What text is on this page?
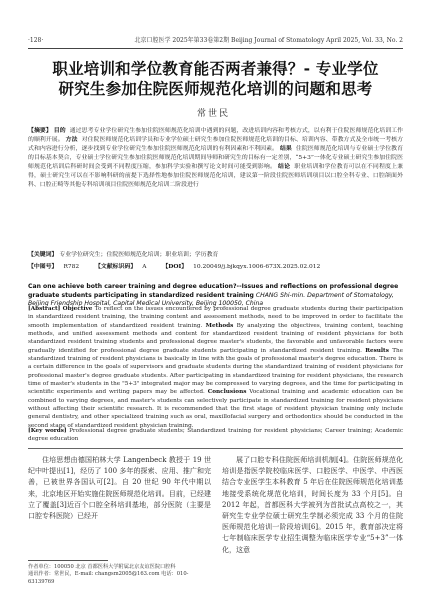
·128·	北京口腔医学 2025年第33卷第2期 Beijing Journal of Stomatology April 2025, Vol. 33, No. 2
职业培训和学位教育能否两者兼得？- 专业学位
研究生参加住院医师规范化培训的问题和思考
常世民

【摘要】 目的 通过思考专业学位研究生参加住院医师规范化培训中遇到的问题，改进培训内容和考核方式，以有利于住院医师规范化培训工作的顺利开展。 方法 对住院医师规范化培训学员和专业学位硕士研究生参加住院医师规范化培训的目标、培训内容、带教方式及全市统一考核方式和内容进行分析，逐步找到专业学位研究生参加住院医师规范化培训的有利因素和不利因素。 结果 住院医师规范化培训与专业硕士学位教育的目标基本契合，专业硕士学位研究生参加住院医师规范化培训期间导师和研究生的目标有一定差别，“5+3”一体化专业硕士研究生参加住院医师规范化培训后科研时间会受到不同程度压缩，参加科学实验和撰写论文时间可能受到影响。 结论 职业培训和学位教育可以在不同程度上兼得，硕士研究生可以在不影响科研的前提下选择性地参加住院医师规范化培训，建议第一阶段住院医师培训项目以口腔全科专业、口腔颌面外科、口腔正畸等其他专科培训项目住院医师规范化培训二阶段进行

【关键词】 专业学位研究生；住院医师规范化培训；职业培训；学历教育
【中图号】 R782	【文献标识码】 A	【DOI】 10.20049/j.bjkqyx.1006-673X.2025.02.012
Can one achieve both career training and degree education?--Issues and reflections on professional degree graduate students participating in standardized resident training CHANG Shi-min. Department of Stomatology, Beijing Friendship Hospital, Capital Medical University, Beijing 100050, China

[Abstract] Objective To reflect on the issues encountered by professional degree graduate students during their participation in standardized resident training, the training content and assessment methods, need to be improved in order to facilitate the smooth implementation of standardized resident training. Methods By analyzing the objectives, training content, teaching methods, and unified assessment methods and content for standardized resident training of resident physicians for both standardized resident training students and professional degree master's students, the favorable and unfavorable factors were gradually identified for professional degree graduate students participating in standardized resident training. Results The standardized training of resident physicians is basically in line with the goals of professional master's degree education. There is a certain difference in the goals of supervisors and graduate students during the standardized training of resident physicians for professional master's degree graduate students. After participating in standardized training for resident physicians, the research time of master's students in the "5+3" integrated major may be compressed to varying degrees, and the time for participating in scientific experiments and writing papers may be affected. Conclusions Vocational training and academic education can be combined to varying degrees, and master's students can selectively participate in standardized training for resident physicians without affecting their scientific research. It is recommended that the first stage of resident physician training only include general dentistry, and other specialized training such as oral, maxillofacial surgery and orthodontics should be conducted in the second stage of standardized resident physician training.

[Key words] Professional degree graduate students; Standardized training for resident physicians; Career training; Academic degree education

住培思想由德国柏林大学 Langenbeck 教授于 19 世纪中叶提出[1]，经历了 100 多年的探索、应用、推广和完善，已被世界各国认可[2]。自 20 世纪 90 年代中期以来，北京地区开始实施住院医师规范化培训。目前，已经建立了覆盖[3]近百个口腔全科培训基地，部分医院（主要是口腔专科医院）已经开

展了口腔专科住院医师培训机制[4]。住院医师规范化培训是指医学院校临床医学、口腔医学、中医学、中西医结合专业医学生本科教育 5 年后在住院医师规范化培训基地接受系统化规范化培训，时间长度为 33 个月[5]。自 2012 年起，首都医科大学被列为首批试点高校之一，其研究生专业学位硕士研究生学制必须完成 33 个月的住院医师规范化培训一阶段培训[6]。2015 年，教育部决定将七年制临床医学专业招生调整为临床医学专业“5+3”一体化，这意

作者单位：100050 北京 首都医科大学附属北京友谊医院口腔科

通讯作者：常世民，E-mail: changsm2005@163.com 电话：010-63139769
